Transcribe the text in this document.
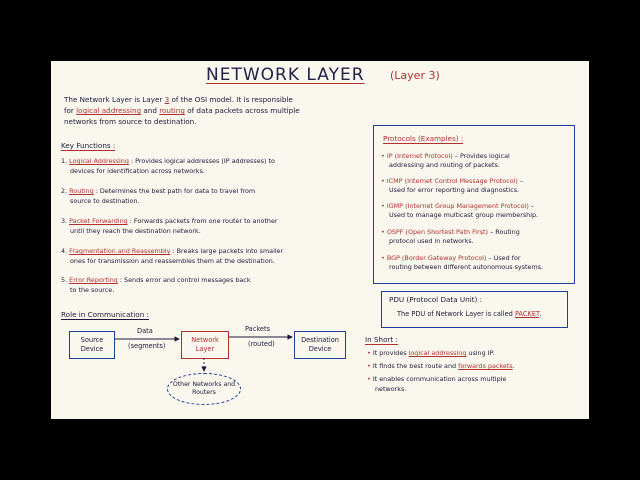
NETWORK LAYER (Layer 3)
The Network Layer is Layer 3 of the OSI model. It is responsible
for logical addressing and routing of data packets across multiple
networks from source to destination.
Key Functions :
1. Logical Addressing : Provides logical addresses (IP addresses) to
devices for identification across networks.
2. Routing : Determines the best path for data to travel from
source to destination.
3. Packet Forwarding : Forwards packets from one router to another
until they reach the destination network.
4. Fragmentation and Reassembly : Breaks large packets into smaller
ones for transmission and reassembles them at the destination.
5. Error Reporting : Sends error and control messages back
to the source.
Role in Communication :
Source Device
Network Layer
Destination Device
Data
(segments)
Packets
(routed)
Other Networks and Routers
Protocols (Examples) :
• IP (Internet Protocol) – Provides logical
addressing and routing of packets.
• ICMP (Internet Control Message Protocol) –
Used for error reporting and diagnostics.
• IGMP (Internet Group Management Protocol) –
Used to manage multicast group membership.
• OSPF (Open Shortest Path First) – Routing
protocol used in networks.
• BGP (Border Gateway Protocol) – Used for
routing between different autonomous systems.
PDU (Protocol Data Unit) :
The PDU of Network Layer is called PACKET.
In Short :
• It provides logical addressing using IP.
• It finds the best route and forwards packets.
• It enables communication across multiple
networks.
